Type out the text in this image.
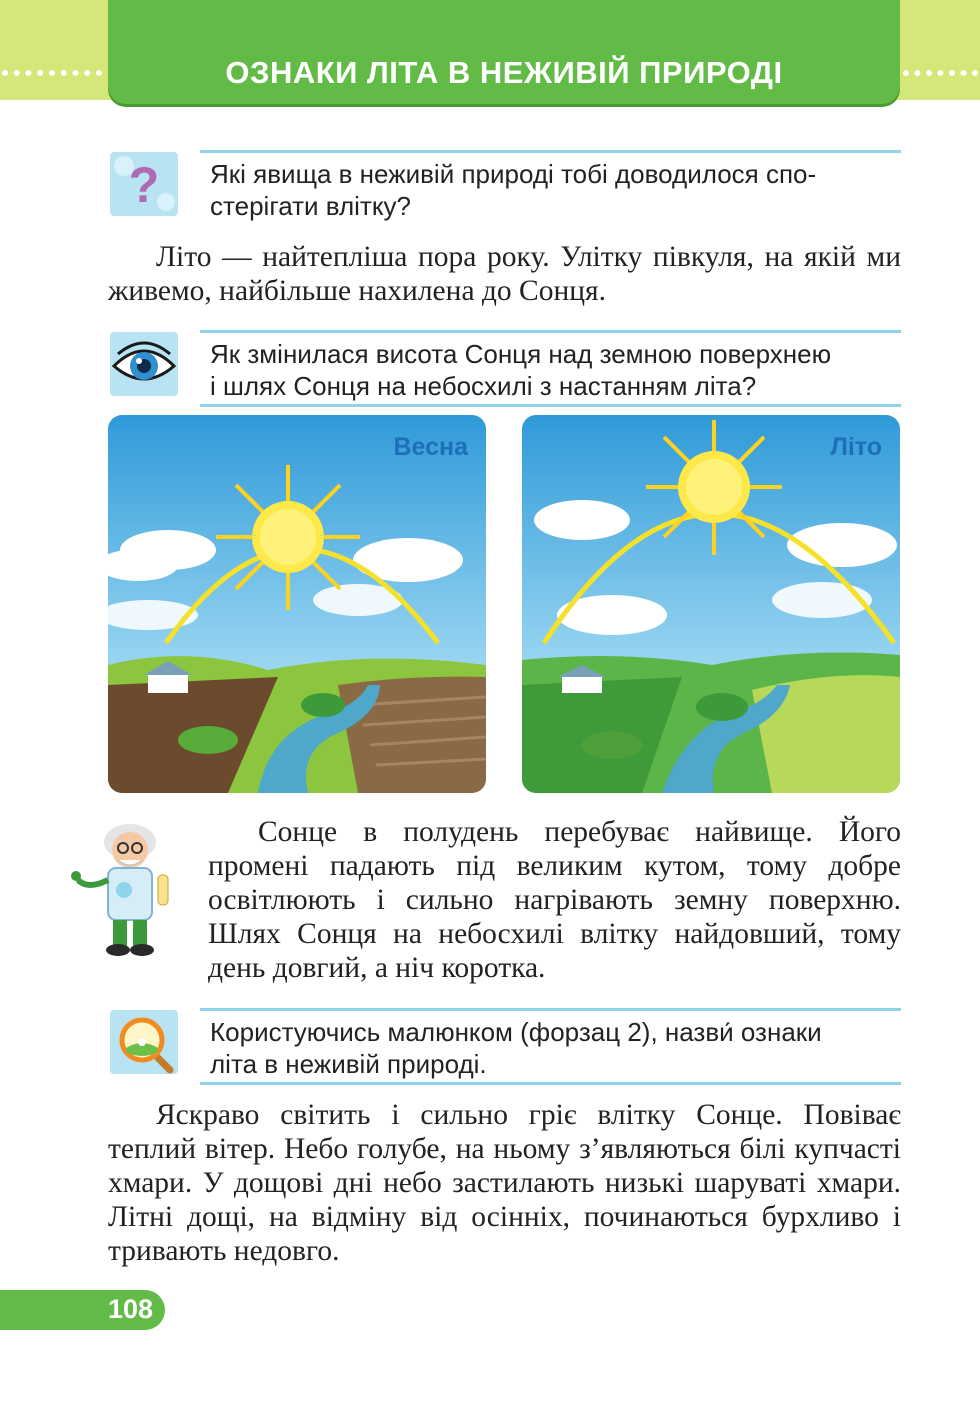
ОЗНАКИ ЛІТА В НЕЖИВІЙ ПРИРОДІ
? Які явища в неживій природі тобі доводилося спо-
стерігати влітку?
Літо — найтепліша пора року. Улітку півкуля, на якій ми живемо, найбільше нахилена до Сонця.
Як змінилася висота Сонця над земною поверхнею
і шлях Сонця на небосхилі з настанням літа?
Весна	Літо
Сонце в полудень перебуває найвище. Його промені падають під великим кутом, тому добре освітлюють і сильно нагрівають земну поверхню. Шлях Сонця на небосхилі влітку найдовший, тому день довгий, а ніч коротка.
Користуючись малюнком (форзац 2), назви́ ознаки
літа в неживій природі.
Яскраво світить і сильно гріє влітку Сонце. Повіває теплий вітер. Небо голубе, на ньому з’являються білі купчасті хмари. У дощові дні небо застилають низькі шаруваті хмари. Літні дощі, на відміну від осінніх, починаються бурхливо і тривають недовго.
108
